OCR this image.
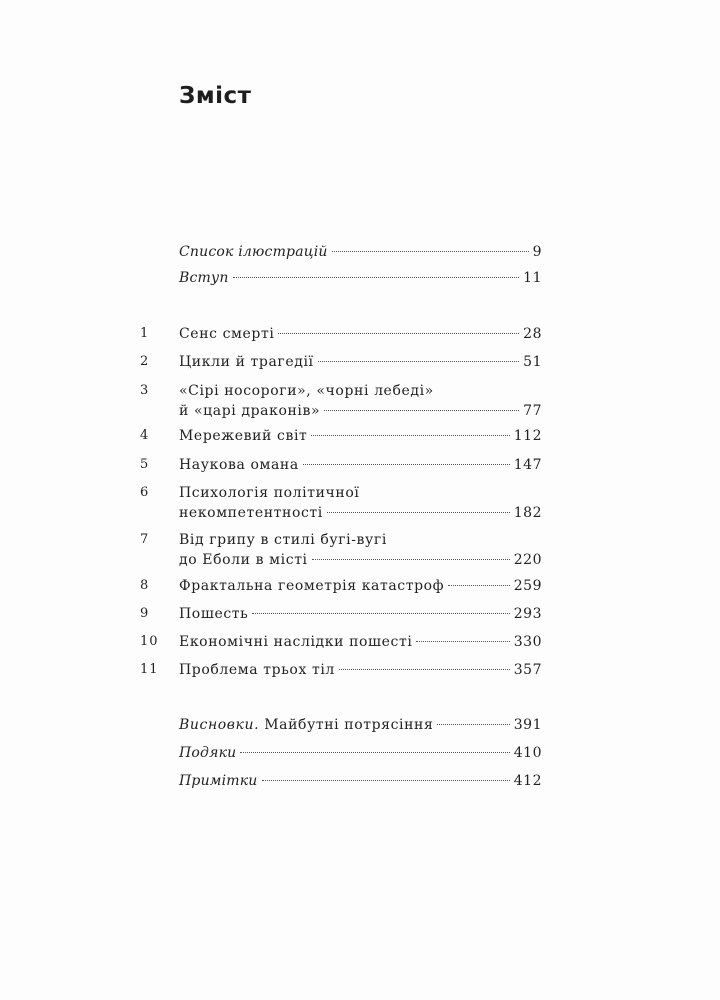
Зміст
Список ілюстрацій	9
Вступ	11
1	Сенс смерті	28
2	Цикли й трагедії	51
3	«Сірі носороги», «чорні лебеді»
й «царі драконів»	77
4	Мережевий світ	112
5	Наукова омана	147
6	Психологія політичної
некомпетентності	182
7	Від грипу в стилі бугі-вугі
до Еболи в місті	220
8	Фрактальна геометрія катастроф	259
9	Пошесть	293
10	Економічні наслідки пошесті	330
11	Проблема трьох тіл	357
Висновки. Майбутні потрясіння	391
Подяки	410
Примітки	412
